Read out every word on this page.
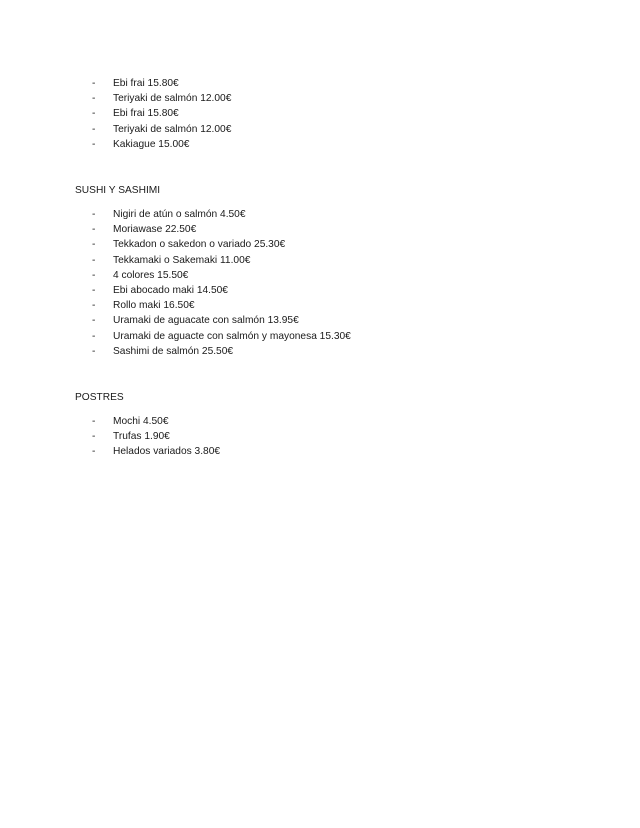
- Ebi frai 15.80€
- Teriyaki de salmón 12.00€
- Ebi frai 15.80€
- Teriyaki de salmón 12.00€
- Kakiague 15.00€
SUSHI Y SASHIMI
- Nigiri de atún o salmón 4.50€
- Moriawase 22.50€
- Tekkadon o sakedon o variado 25.30€
- Tekkamaki o Sakemaki 11.00€
- 4 colores 15.50€
- Ebi abocado maki 14.50€
- Rollo maki 16.50€
- Uramaki de aguacate con salmón 13.95€
- Uramaki de aguacte con salmón y mayonesa 15.30€
- Sashimi de salmón 25.50€
POSTRES
- Mochi 4.50€
- Trufas 1.90€
- Helados variados 3.80€
